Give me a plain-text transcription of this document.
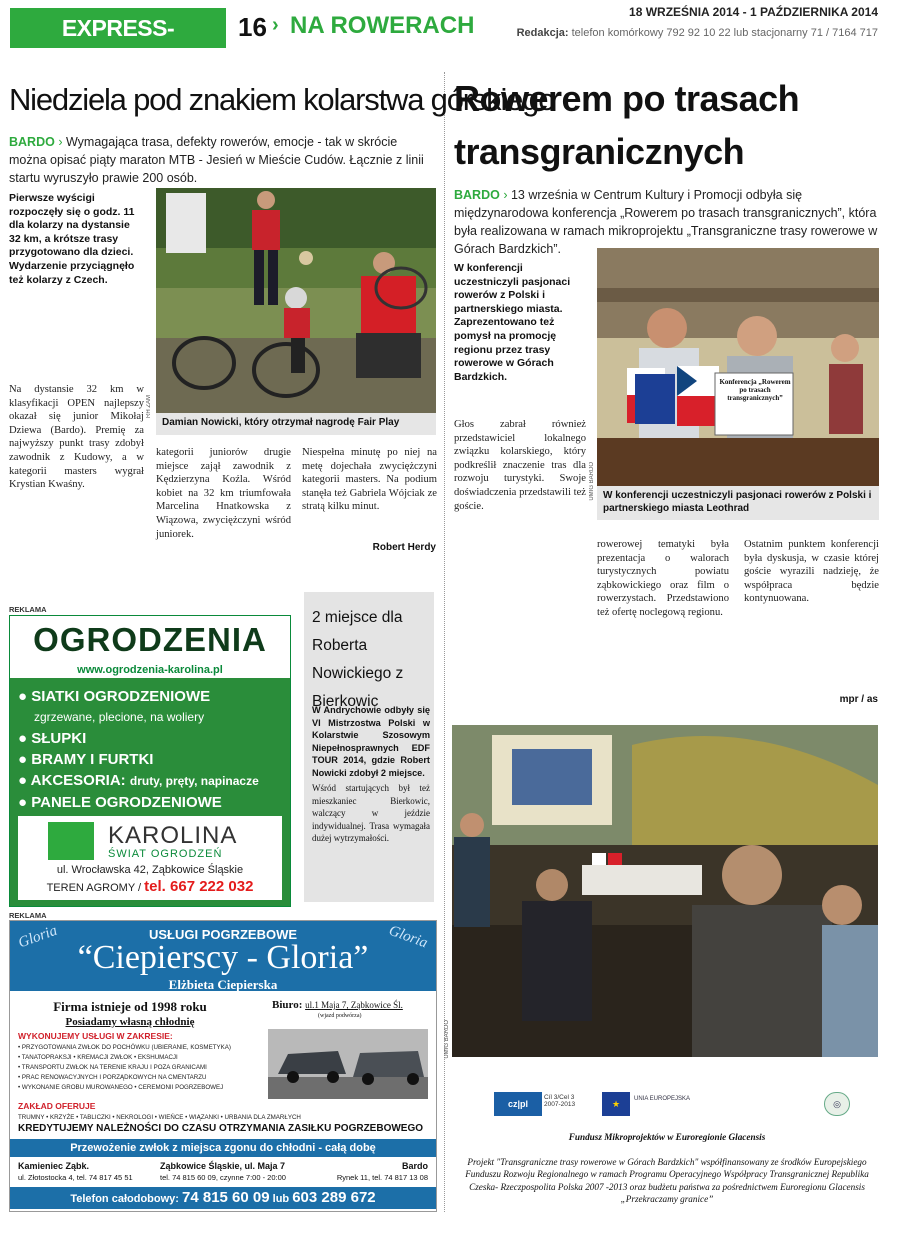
EXPRESS-MIEJSKI.PL
16 › NA ROWERACH	18 WRZEŚNIA 2014 - 1 PAŹDZIERNIKA 2014
Redakcja: telefon komórkowy 792 92 10 22 lub stacjonarny 71 / 7164 717
Niedziela pod znakiem kolarstwa górskiego
BARDO › Wymagająca trasa, defekty rowerów, emocje - tak w skrócie można opisać piąty maraton MTB - Jesień w Mieście Cudów. Łącznie z linii startu wyruszyło prawie 200 osób.
Pierwsze wyścigi rozpoczęły się o godz. 11 dla kolarzy na dystansie 32 km, a krótsze trasy przygotowano dla dzieci. Wydarzenie przyciągnęło też kolarzy z Czech.
RH ZAM
Damian Nowicki, który otrzymał nagrodę Fair Play
Na dystansie 32 km w klasyfikacji OPEN najlepszy okazał się junior Mikołaj Dziewa (Bardo). Premię za najwyższy punkt trasy zdobył zawodnik z Kudowy, a w kategorii masters wygrał Krystian Kwaśny.
kategorii juniorów drugie miejsce zajął zawodnik z Kędzierzyna Koźla. Wśród kobiet na 32 km triumfowała Marcelina Hnatkowska z Wiązowa, zwyciężczyni wśród juniorek.
Niespełna minutę po niej na metę dojechała zwyciężczyni kategorii masters. Na podium stanęła też Gabriela Wójciak ze stratą kilku minut.
Robert Herdy
REKLAMA
OGRODZENIA
www.ogrodzenia-karolina.pl
● SIATKI OGRODZENIOWE
zgrzewane, plecione, na woliery
● SŁUPKI
● BRAMY I FURTKI
● AKCESORIA: druty, pręty, napinacze
● PANELE OGRODZENIOWE
KAROLINA
ŚWIAT OGRODZEŃ
ul. Wrocławska 42, Ząbkowice Śląskie
TEREN AGROMY / tel. 667 222 032
2 miejsce dla Roberta Nowickiego z Bierkowic
W Andrychowie odbyły się VI Mistrzostwa Polski w Kolarstwie Szosowym Niepełnosprawnych EDF TOUR 2014, gdzie Robert Nowicki zdobył 2 miejsce.
Wśród startujących był też mieszkaniec Bierkowic, walczący w jeździe indywidualnej. Trasa wymagała dużej wytrzymałości.
REKLAMA
Gloria	Gloria
USŁUGI POGRZEBOWE
“Ciepierscy - Gloria”
Elżbieta Ciepierska
Firma istnieje od 1998 roku
Posiadamy własną chłodnię
Biuro: ul.1 Maja 7, Ząbkowice Śl.
(wjazd podwórza)
WYKONUJEMY USŁUGI W ZAKRESIE:
• PRZYGOTOWANIA ZWŁOK DO POCHÓWKU (UBIERANIE, KOSMETYKA)
• TANATOPRAKSJI • KREMACJI ZWŁOK • EKSHUMACJI
• TRANSPORTU ZWŁOK NA TERENIE KRAJU I POZA GRANICAMI
• PRAC RENOWACYJNYCH I PORZĄDKOWYCH NA CMENTARZU
• WYKONANIE GROBU MUROWANEGO • CEREMONII POGRZEBOWEJ
ZAKŁAD OFERUJE
TRUMNY • KRZYŻE • TABLICZKI • NEKROLOGI • WIEŃCE • WIĄZANKI • URBANIA DLA ZMARŁYCH
KREDYTUJEMY NALEŻNOŚCI DO CZASU OTRZYMANIA ZASIŁKU POGRZEBOWEGO
Przewożenie zwłok z miejsca zgonu do chłodni - całą dobę
Kamieniec Ząbk.
ul. Złotostocka 4, tel. 74 817 45 51
Ząbkowice Śląskie, ul. Maja 7
tel. 74 815 60 09, czynne 7:00 - 20:00
Bardo
Rynek 11, tel. 74 817 13 08
Telefon całodobowy: 74 815 60 09 lub 603 289 672
Rowerem po trasach transgranicznych
BARDO › 13 września w Centrum Kultury i Promocji odbyła się międzynarodowa konferencja „Rowerem po trasach transgranicznych”, która była realizowana w ramach mikroprojektu „Transgraniczne trasy rowerowe w Górach Bardzkich”.
W konferencji uczestniczyli pasjonaci rowerów z Polski i partnerskiego miasta. Zaprezentowano też pomysł na promocję regionu przez trasy rowerowe w Górach Bardzkich.
Głos zabrał również przedstawiciel lokalnego związku kolarskiego, który podkreślił znaczenie tras dla rozwoju turystyki. Swoje doświadczenia przedstawili też goście.
Konferencja „Rowerem po trasach transgranicznych”
UMIG BARDO W konferencji uczestniczyli pasjonaci rowerów z Polski i partnerskiego miasta Leothrad
rowerowej tematyki była prezentacja o walorach turystycznych powiatu ząbkowickiego oraz film o rowerzystach. Przedstawiono też ofertę noclegową regionu.
Ostatnim punktem konferencji była dyskusja, w czasie której goście wyrazili nadzieję, że współpraca będzie kontynuowana.
mpr / as
UMIG BARDO
cz|pl
Cíl 3/Cel 3 2007-2013	★	UNIA EUROPEJSKA	◎
Fundusz Mikroprojektów w Euroregionie Glacensis
Projekt "Transgraniczne trasy rowerowe w Górach Bardzkich" współfinansowany ze środków Europejskiego Funduszu Rozwoju Regionalnego w ramach Programu Operacyjnego Współpracy Transgranicznej Republika Czeska- Rzeczpospolita Polska 2007 -2013 oraz budżetu państwa za pośrednictwem Euroregionu Glacensis „Przekraczamy granice”
